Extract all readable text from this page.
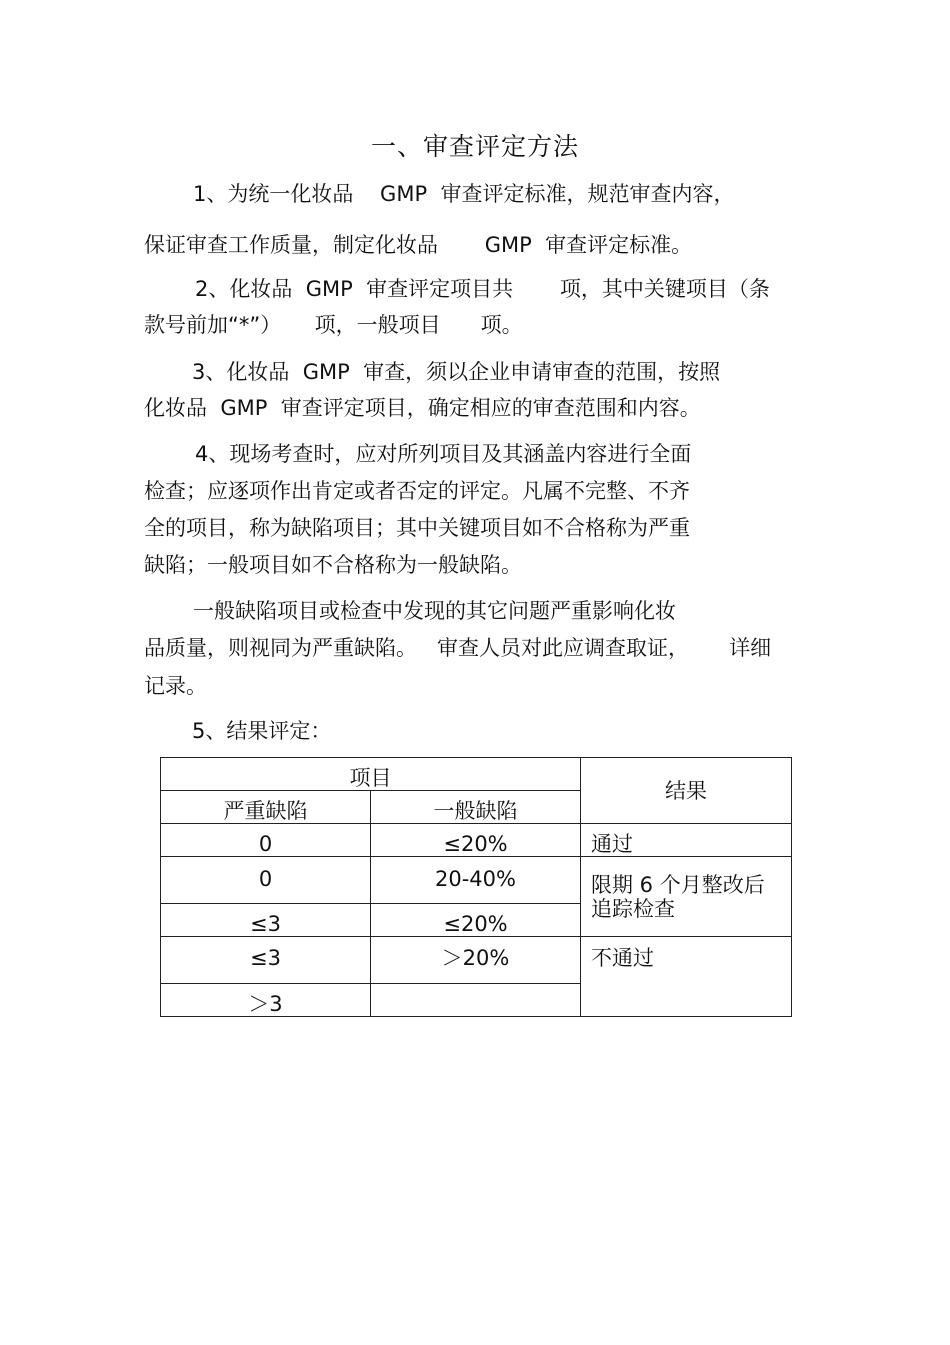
一、审查评定方法
1、为统一化妆品    GMP  审查评定标准，规范审查内容，
保证审查工作质量，制定化妆品       GMP  审查评定标准。
2、化妆品  GMP  审查评定项目共       项，其中关键项目（条
款号前加“*”）     项，一般项目      项。
3、化妆品  GMP  审查，须以企业申请审查的范围，按照
化妆品  GMP  审查评定项目，确定相应的审查范围和内容。
4、现场考查时，应对所列项目及其涵盖内容进行全面
检查；应逐项作出肯定或者否定的评定。凡属不完整、不齐
全的项目，称为缺陷项目；其中关键项目如不合格称为严重
缺陷；一般项目如不合格称为一般缺陷。
一般缺陷项目或检查中发现的其它问题严重影响化妆
品质量，则视同为严重缺陷。   审查人员对此应调查取证，      详细
记录。
5、结果评定：
项目		结果
严重缺陷	一般缺陷	
0	≤20%	通过
0	20-40%	限期 6 个月整改后追踪检查
≤3	≤20%	
≤3	＞20%	不通过
＞3		
